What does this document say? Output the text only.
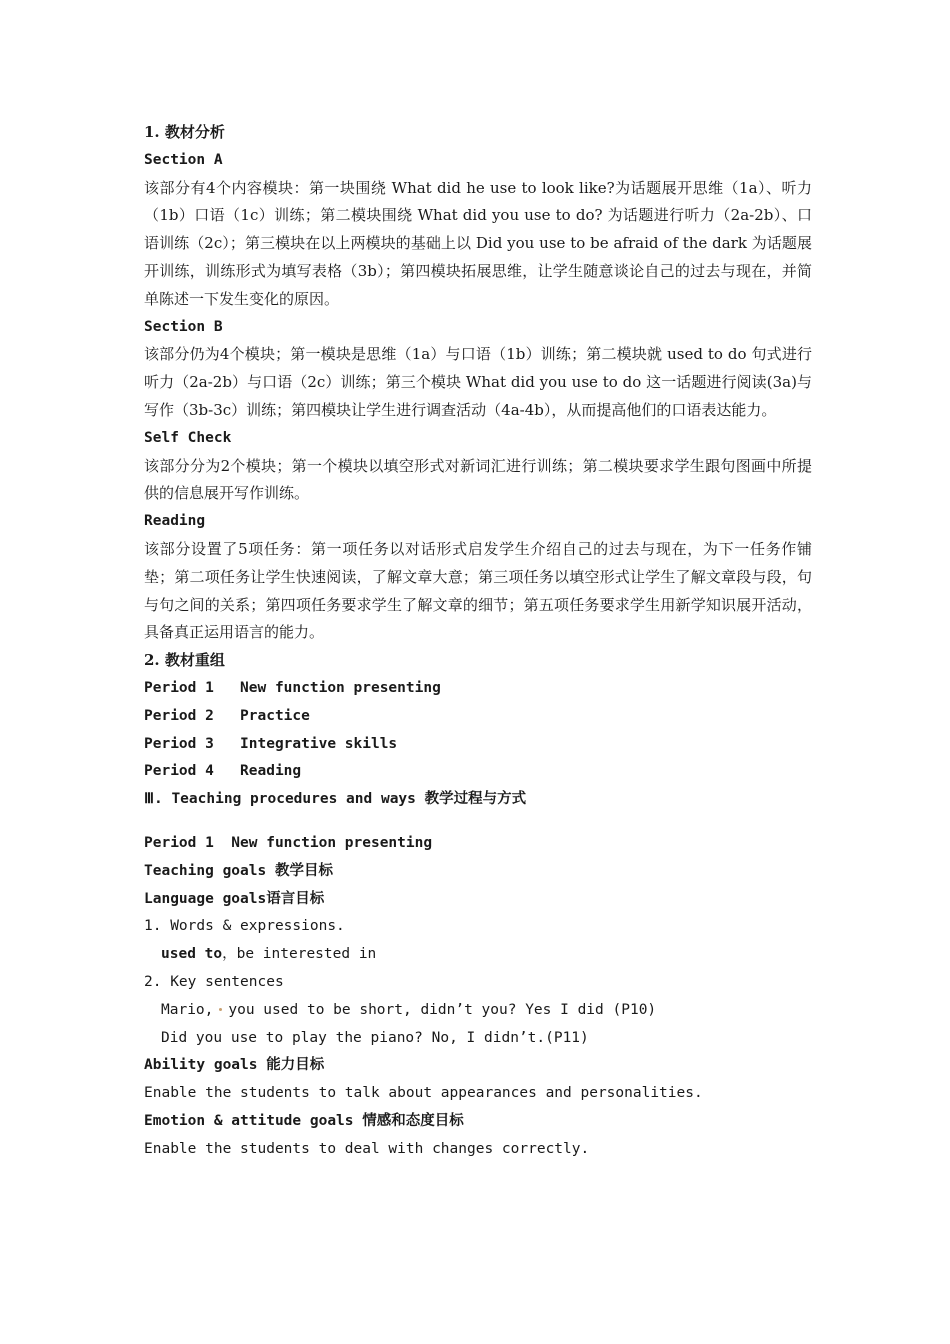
1. 教材分析
Section A
该部分有4个内容模块：第一块围绕 What did he use to look like?为话题展开思维（1a）、听力（1b）口语（1c）训练；第二模块围绕 What did you use to do? 为话题进行听力（2a-2b）、口语训练（2c）；第三模块在以上两模块的基础上以 Did you use to be afraid of the dark 为话题展开训练，训练形式为填写表格（3b）；第四模块拓展思维，让学生随意谈论自己的过去与现在，并简单陈述一下发生变化的原因。
Section B
该部分仍为4个模块；第一模块是思维（1a）与口语（1b）训练；第二模块就 used to do 句式进行听力（2a-2b）与口语（2c）训练；第三个模块 What did you use to do 这一话题进行阅读(3a)与写作（3b-3c）训练；第四模块让学生进行调查活动（4a-4b），从而提高他们的口语表达能力。
Self Check
该部分分为2个模块；第一个模块以填空形式对新词汇进行训练；第二模块要求学生跟句图画中所提供的信息展开写作训练。
Reading
该部分设置了5项任务：第一项任务以对话形式启发学生介绍自己的过去与现在，为下一任务作铺垫；第二项任务让学生快速阅读，了解文章大意；第三项任务以填空形式让学生了解文章段与段，句与句之间的关系；第四项任务要求学生了解文章的细节；第五项任务要求学生用新学知识展开活动，具备真正运用语言的能力。
2. 教材重组
Period 1   New function presenting
Period 2   Practice
Period 3   Integrative skills
Period 4   Reading
Ⅲ. Teaching procedures and ways 教学过程与方式
Period 1  New function presenting
Teaching goals 教学目标
Language goals语言目标
1. Words & expressions.
used to，be interested in
2. Key sentences
Mario, you used to be short, didn’t you? Yes I did (P10)
Did you use to play the piano? No, I didn’t.(P11)
Ability goals 能力目标
Enable the students to talk about appearances and personalities.
Emotion & attitude goals 情感和态度目标
Enable the students to deal with changes correctly.
